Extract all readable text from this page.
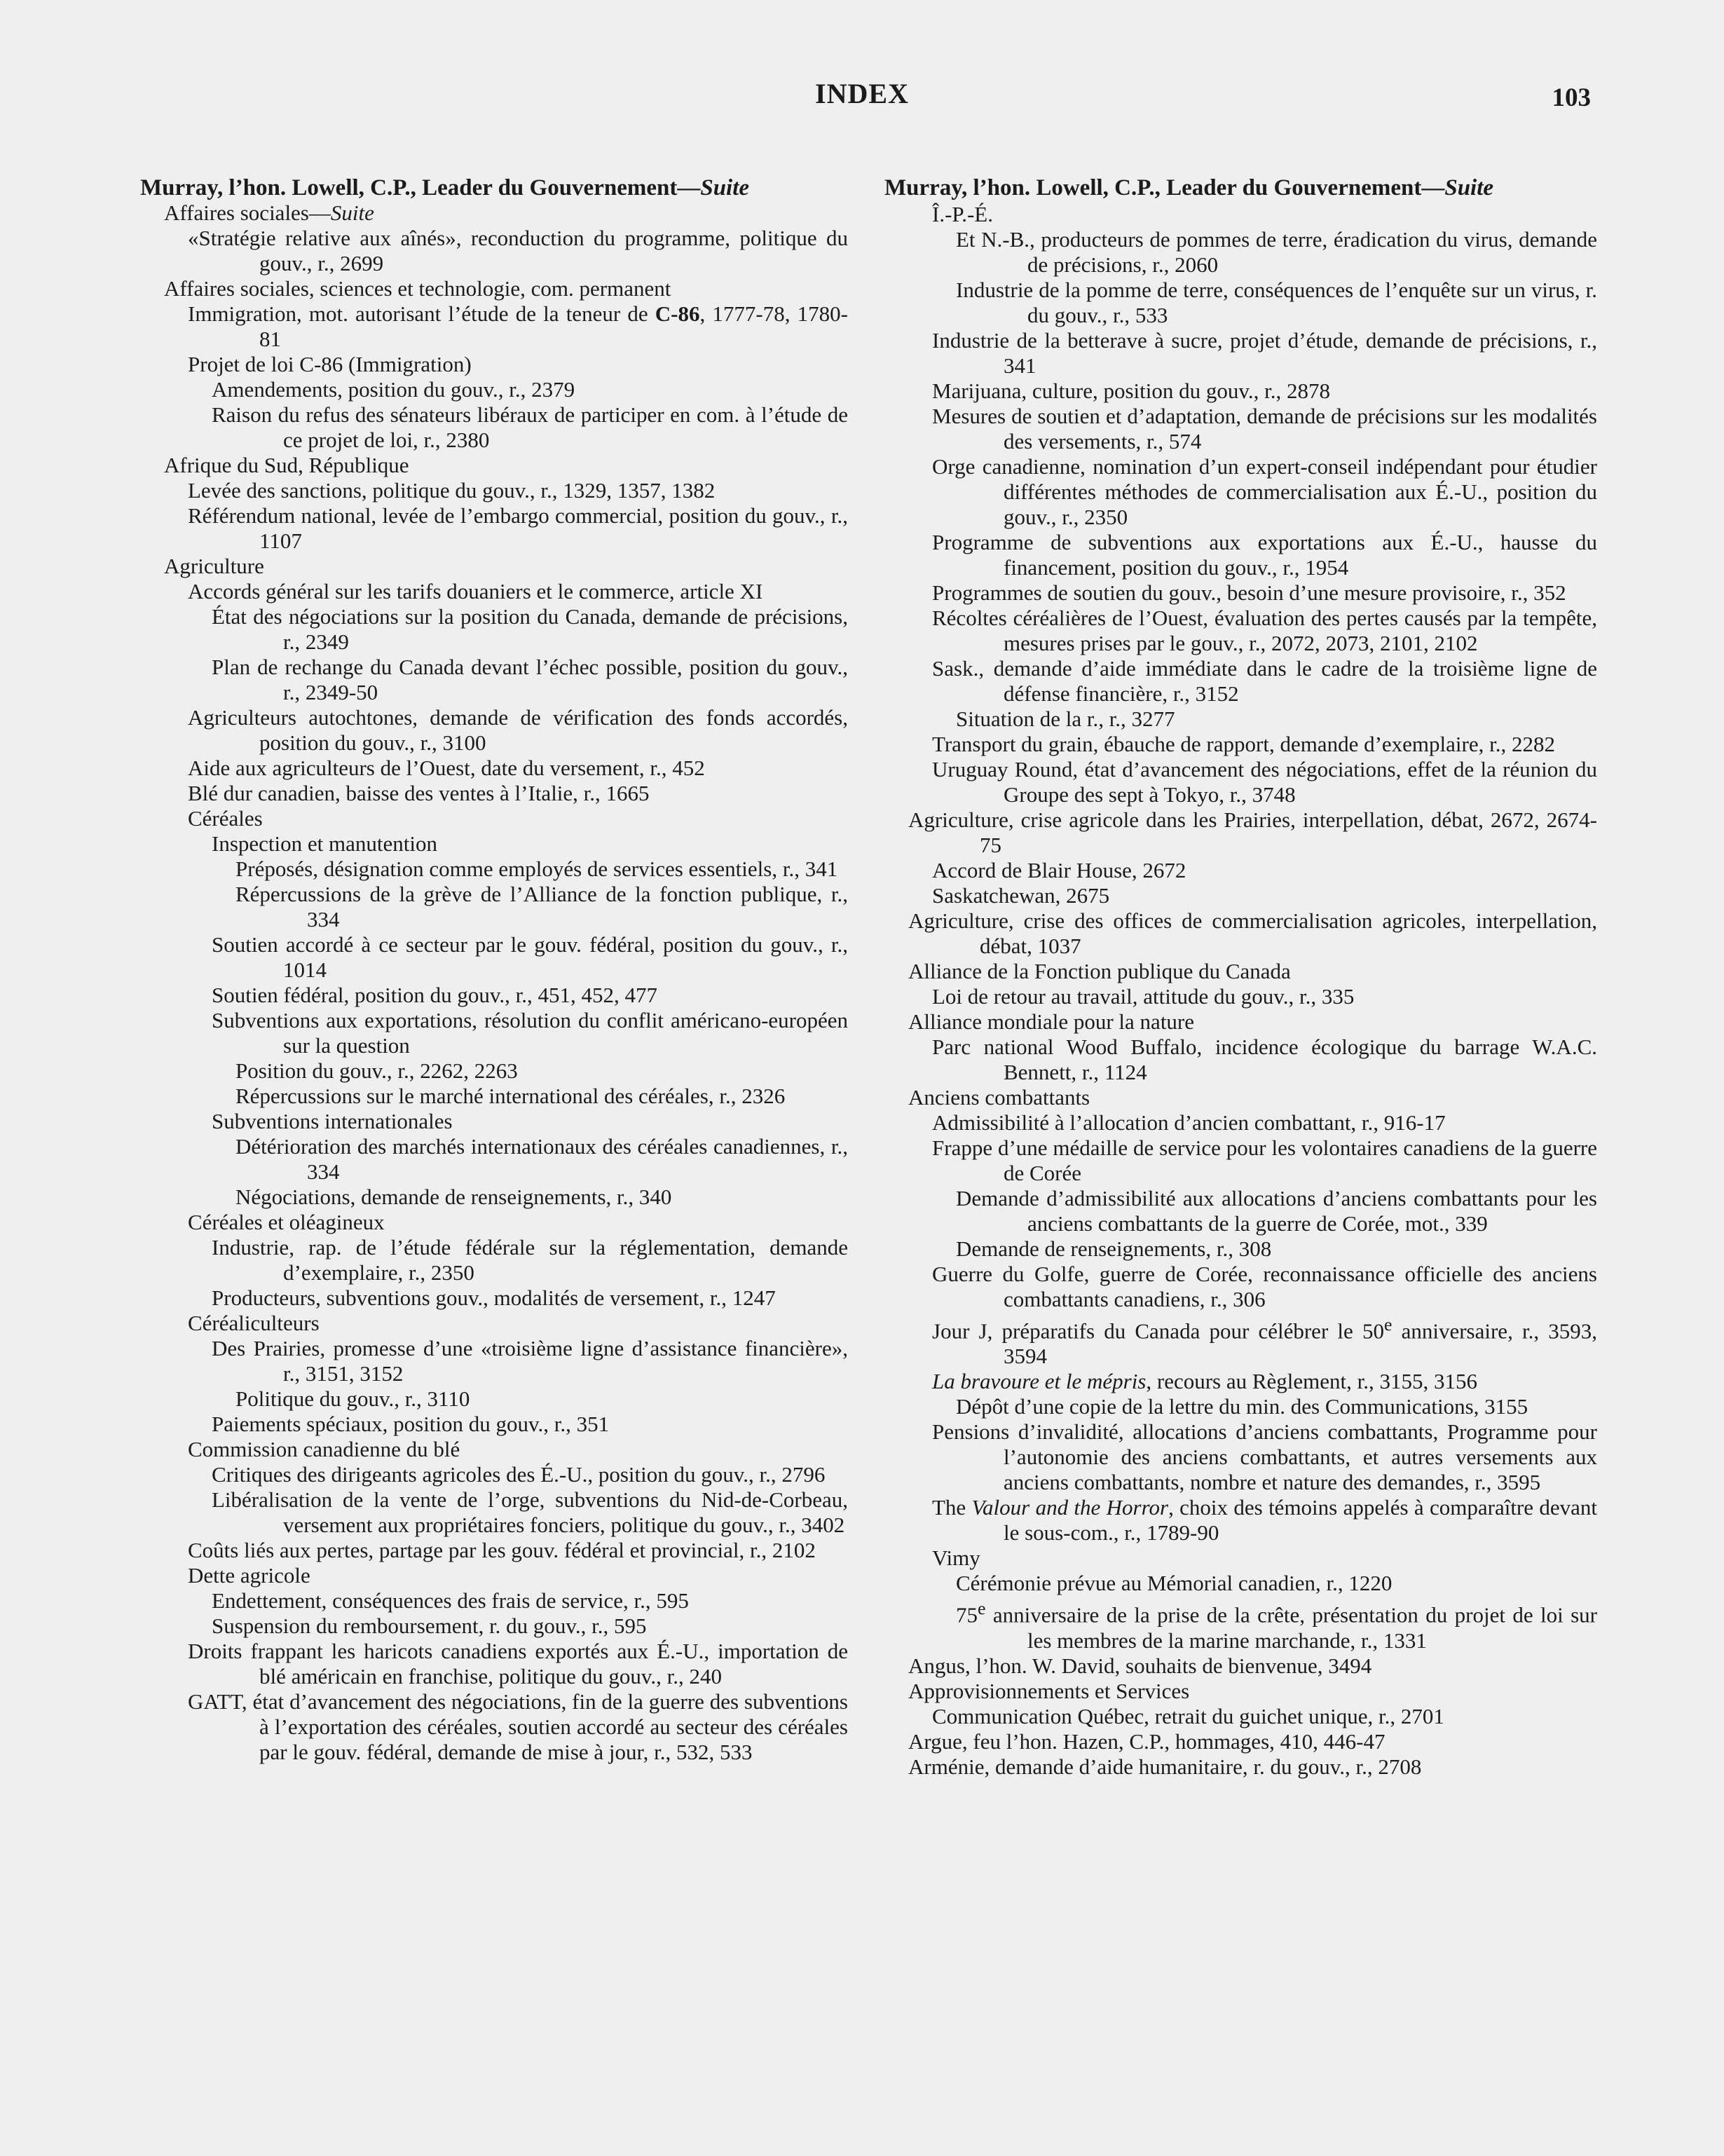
INDEX	103
Murray, l’hon. Lowell, C.P., Leader du Gouvernement—Suite
Affaires sociales—Suite
«Stratégie relative aux aînés», reconduction du programme, politique du gouv., r., 2699
Affaires sociales, sciences et technologie, com. permanent
Immigration, mot. autorisant l’étude de la teneur de C-86, 1777-78, 1780-81
Projet de loi C-86 (Immigration)
Amendements, position du gouv., r., 2379
Raison du refus des sénateurs libéraux de participer en com. à l’étude de ce projet de loi, r., 2380
Afrique du Sud, République
Levée des sanctions, politique du gouv., r., 1329, 1357, 1382
Référendum national, levée de l’embargo commercial, position du gouv., r., 1107
Agriculture
Accords général sur les tarifs douaniers et le commerce, article XI
État des négociations sur la position du Canada, demande de précisions, r., 2349
Plan de rechange du Canada devant l’échec possible, position du gouv., r., 2349-50
Agriculteurs autochtones, demande de vérification des fonds accordés, position du gouv., r., 3100
Aide aux agriculteurs de l’Ouest, date du versement, r., 452
Blé dur canadien, baisse des ventes à l’Italie, r., 1665
Céréales
Inspection et manutention
Préposés, désignation comme employés de services essentiels, r., 341
Répercussions de la grève de l’Alliance de la fonction publique, r., 334
Soutien accordé à ce secteur par le gouv. fédéral, position du gouv., r., 1014
Soutien fédéral, position du gouv., r., 451, 452, 477
Subventions aux exportations, résolution du conflit américano-européen sur la question
Position du gouv., r., 2262, 2263
Répercussions sur le marché international des céréales, r., 2326
Subventions internationales
Détérioration des marchés internationaux des céréales canadiennes, r., 334
Négociations, demande de renseignements, r., 340
Céréales et oléagineux
Industrie, rap. de l’étude fédérale sur la réglementation, demande d’exemplaire, r., 2350
Producteurs, subventions gouv., modalités de versement, r., 1247
Céréaliculteurs
Des Prairies, promesse d’une «troisième ligne d’assistance financière», r., 3151, 3152
Politique du gouv., r., 3110
Paiements spéciaux, position du gouv., r., 351
Commission canadienne du blé
Critiques des dirigeants agricoles des É.-U., position du gouv., r., 2796
Libéralisation de la vente de l’orge, subventions du Nid-de-Corbeau, versement aux propriétaires fonciers, politique du gouv., r., 3402
Coûts liés aux pertes, partage par les gouv. fédéral et provincial, r., 2102
Dette agricole
Endettement, conséquences des frais de service, r., 595
Suspension du remboursement, r. du gouv., r., 595
Droits frappant les haricots canadiens exportés aux É.-U., importation de blé américain en franchise, politique du gouv., r., 240
GATT, état d’avancement des négociations, fin de la guerre des subventions à l’exportation des céréales, soutien accordé au secteur des céréales par le gouv. fédéral, demande de mise à jour, r., 532, 533
Murray, l’hon. Lowell, C.P., Leader du Gouvernement—Suite
Î.-P.-É.
Et N.-B., producteurs de pommes de terre, éradication du virus, demande de précisions, r., 2060
Industrie de la pomme de terre, conséquences de l’enquête sur un virus, r. du gouv., r., 533
Industrie de la betterave à sucre, projet d’étude, demande de précisions, r., 341
Marijuana, culture, position du gouv., r., 2878
Mesures de soutien et d’adaptation, demande de précisions sur les modalités des versements, r., 574
Orge canadienne, nomination d’un expert-conseil indépendant pour étudier différentes méthodes de commercialisation aux É.-U., position du gouv., r., 2350
Programme de subventions aux exportations aux É.-U., hausse du financement, position du gouv., r., 1954
Programmes de soutien du gouv., besoin d’une mesure provisoire, r., 352
Récoltes céréalières de l’Ouest, évaluation des pertes causés par la tempête, mesures prises par le gouv., r., 2072, 2073, 2101, 2102
Sask., demande d’aide immédiate dans le cadre de la troisième ligne de défense financière, r., 3152
Situation de la r., r., 3277
Transport du grain, ébauche de rapport, demande d’exemplaire, r., 2282
Uruguay Round, état d’avancement des négociations, effet de la réunion du Groupe des sept à Tokyo, r., 3748
Agriculture, crise agricole dans les Prairies, interpellation, débat, 2672, 2674-75
Accord de Blair House, 2672
Saskatchewan, 2675
Agriculture, crise des offices de commercialisation agricoles, interpellation, débat, 1037
Alliance de la Fonction publique du Canada
Loi de retour au travail, attitude du gouv., r., 335
Alliance mondiale pour la nature
Parc national Wood Buffalo, incidence écologique du barrage W.A.C. Bennett, r., 1124
Anciens combattants
Admissibilité à l’allocation d’ancien combattant, r., 916-17
Frappe d’une médaille de service pour les volontaires canadiens de la guerre de Corée
Demande d’admissibilité aux allocations d’anciens combattants pour les anciens combattants de la guerre de Corée, mot., 339
Demande de renseignements, r., 308
Guerre du Golfe, guerre de Corée, reconnaissance officielle des anciens combattants canadiens, r., 306
Jour J, préparatifs du Canada pour célébrer le 50e anniversaire, r., 3593, 3594
La bravoure et le mépris, recours au Règlement, r., 3155, 3156
Dépôt d’une copie de la lettre du min. des Communications, 3155
Pensions d’invalidité, allocations d’anciens combattants, Programme pour l’autonomie des anciens combattants, et autres versements aux anciens combattants, nombre et nature des demandes, r., 3595
The Valour and the Horror, choix des témoins appelés à comparaître devant le sous-com., r., 1789-90
Vimy
Cérémonie prévue au Mémorial canadien, r., 1220
75e anniversaire de la prise de la crête, présentation du projet de loi sur les membres de la marine marchande, r., 1331
Angus, l’hon. W. David, souhaits de bienvenue, 3494
Approvisionnements et Services
Communication Québec, retrait du guichet unique, r., 2701
Argue, feu l’hon. Hazen, C.P., hommages, 410, 446-47
Arménie, demande d’aide humanitaire, r. du gouv., r., 2708
